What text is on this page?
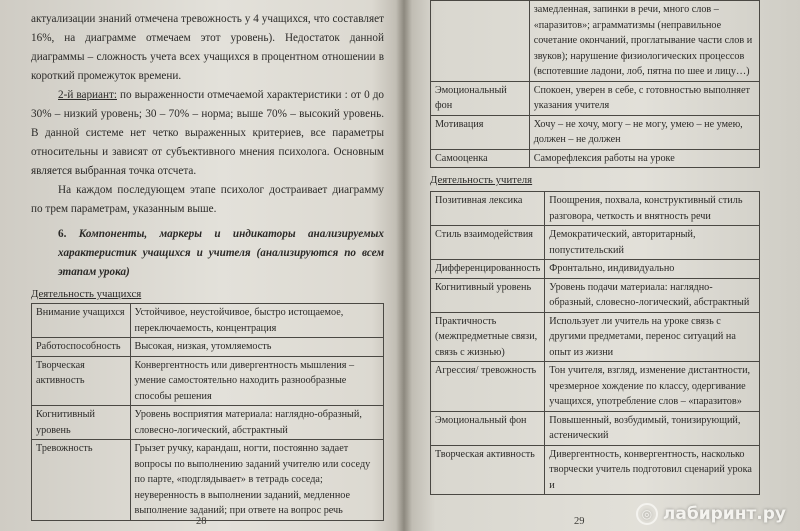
актуализации знаний отмечена тревожность у 4 учащихся, что составляет 16%, на диаграмме отмечаем этот уровень). Недостаток данной диаграммы – сложность учета всех учащихся в процентном отношении в короткий промежуток времени.

2-й вариант: по выраженности отмечаемой характеристики : от 0 до 30% – низкий уровень; 30 – 70% – норма; выше 70% – высокий уровень. В данной системе нет четко выраженных критериев, все параметры относительны и зависят от субъективного мнения психолога. Основным является выбранная точка отсчета.

На каждом последующем этапе психолог достраивает диаграмму по трем параметрам, указанным выше.

6. Компоненты, маркеры и индикаторы анализируемых характеристик учащихся и учителя (анализируются по всем этапам урока)
Деятельность учащихся
Внимание учащихся	Устойчивое, неустойчивое, быстро истощаемое, переключаемость, концентрация
Работоспособность	Высокая, низкая, утомляемость
Творческая активность	Конвергентность или дивергентность мышления – умение самостоятельно находить разнообразные способы решения
Когнитивный уровень	Уровень восприятия материала: наглядно-образный, словесно-логический, абстрактный
Тревожность	Грызет ручку, карандаш, ногти, постоянно задает вопросы по выполнению заданий учителю или соседу по парте, «подглядывает» в тетрадь соседа; неуверенность в выполнении заданий, медленное выполнение заданий; при ответе на вопрос речь
28
	замедленная, запинки в речи, много слов – «паразитов»; аграмматизмы (неправильное сочетание окончаний, проглатывание части слов и звуков); нарушение физиологических процессов (вспотевшие ладони, лоб, пятна по шее и лицу…)
Эмоциональный фон	Спокоен, уверен в себе, с готовностью выполняет указания учителя
Мотивация	Хочу – не хочу, могу – не могу, умею – не умею, должен – не должен
Самооценка	Саморефлексия работы на уроке
Деятельность учителя
Позитивная лексика	Поощрения, похвала, конструктивный стиль разговора, четкость и внятность речи
Стиль взаимодействия	Демократический, авторитарный, попустительский
Дифференцированность	Фронтально, индивидуально
Когнитивный уровень	Уровень подачи материала: наглядно-образный, словесно-логический, абстрактный
Практичность (межпредметные связи, связь с жизнью)	Использует ли учитель на уроке связь с другими предметами, перенос ситуаций на опыт из жизни
Агрессия/ тревожность	Тон учителя, взгляд, изменение дистантности, чрезмерное хождение по классу, одергивание учащихся, употребление слов – «паразитов»
Эмоциональный фон	Повышенный, возбудимый, тонизирующий, астенический
Творческая активность	Дивергентность, конвергентность, насколько творчески учитель подготовил сценарий урока и
29
◎ лабиринт.ру
